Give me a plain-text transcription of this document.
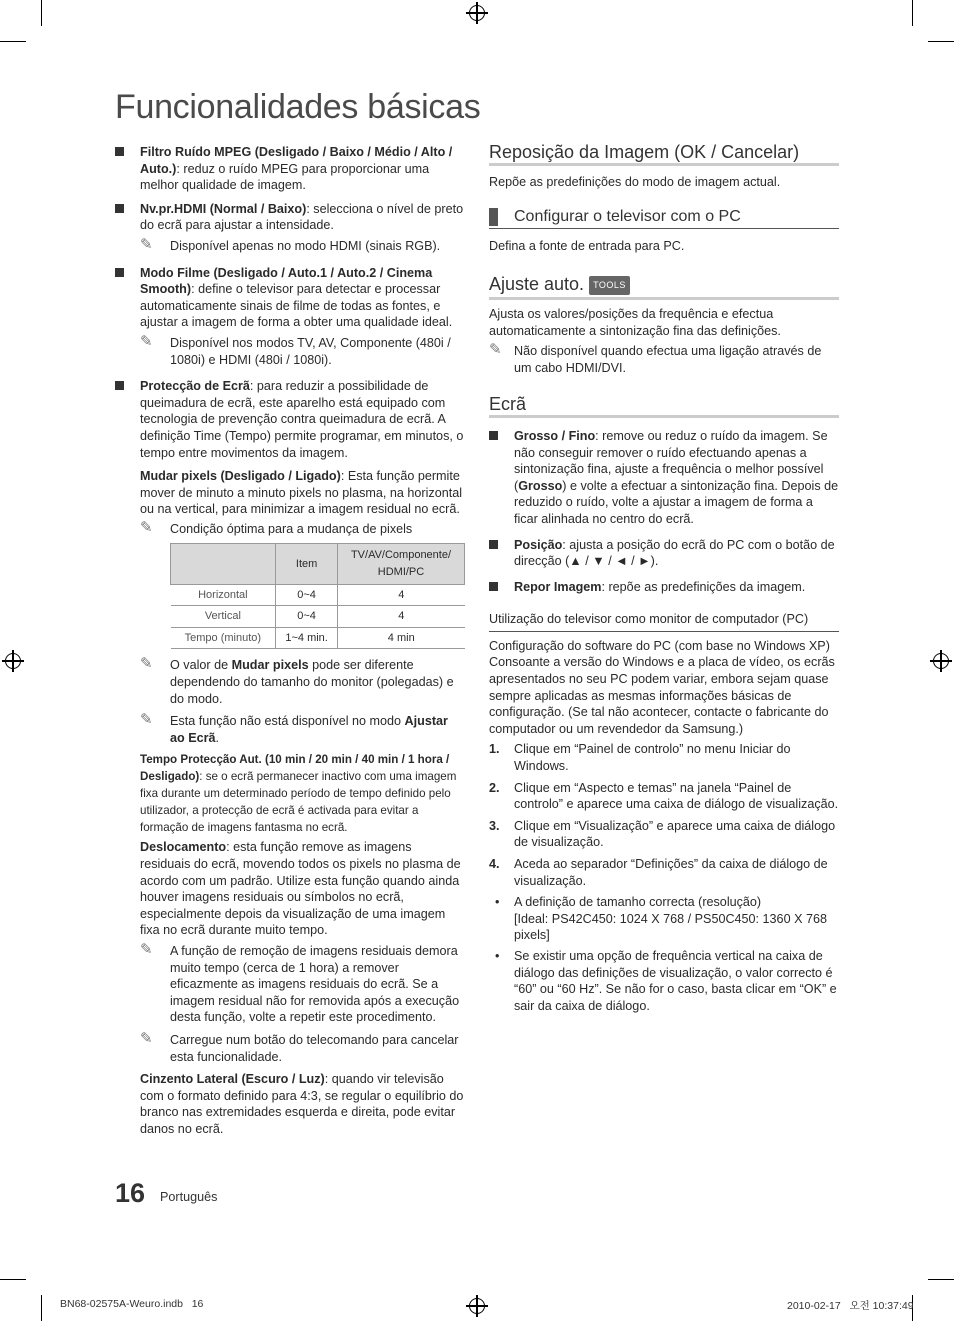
Funcionalidades básicas
Filtro Ruído MPEG (Desligado / Baixo / Médio / Alto / Auto.): reduz o ruído MPEG para proporcionar uma melhor qualidade de imagem.
Nv.pr.HDMI (Normal / Baixo): selecciona o nível de preto do ecrã para ajustar a intensidade.
✎ Disponível apenas no modo HDMI (sinais RGB).
Modo Filme (Desligado / Auto.1 / Auto.2 / Cinema Smooth): define o televisor para detectar e processar automaticamente sinais de filme de todas as fontes, e ajustar a imagem de forma a obter uma qualidade ideal.
✎ Disponível nos modos TV, AV, Componente (480i / 1080i) e HDMI (480i / 1080i).
Protecção de Ecrã: para reduzir a possibilidade de queimadura de ecrã, este aparelho está equipado com tecnologia de prevenção contra queimadura de ecrã. A definição Time (Tempo) permite programar, em minutos, o tempo entre movimentos da imagem.
Mudar pixels (Desligado / Ligado): Esta função permite mover de minuto a minuto pixels no plasma, na horizontal ou na vertical, para minimizar a imagem residual no ecrã.
✎ Condição óptima para a mudança de pixels
	Item	TV/AV/Componente/ HDMI/PC
Horizontal	0~4	4
Vertical	0~4	4
Tempo (minuto)	1~4 min.	4 min
✎ O valor de Mudar pixels pode ser diferente dependendo do tamanho do monitor (polegadas) e do modo.
✎ Esta função não está disponível no modo Ajustar ao Ecrã.
Tempo Protecção Aut. (10 min / 20 min / 40 min / 1 hora / Desligado): se o ecrã permanecer inactivo com uma imagem fixa durante um determinado período de tempo definido pelo utilizador, a protecção de ecrã é activada para evitar a formação de imagens fantasma no ecrã.
Deslocamento: esta função remove as imagens residuais do ecrã, movendo todos os pixels no plasma de acordo com um padrão. Utilize esta função quando ainda houver imagens residuais ou símbolos no ecrã, especialmente depois da visualização de uma imagem fixa no ecrã durante muito tempo.
✎ A função de remoção de imagens residuais demora muito tempo (cerca de 1 hora) a remover eficazmente as imagens residuais do ecrã. Se a imagem residual não for removida após a execução desta função, volte a repetir este procedimento.
✎ Carregue num botão do telecomando para cancelar esta funcionalidade.
Cinzento Lateral (Escuro / Luz): quando vir televisão com o formato definido para 4:3, se regular o equilíbrio do branco nas extremidades esquerda e direita, pode evitar danos no ecrã.
Reposição da Imagem (OK / Cancelar)
Repõe as predefinições do modo de imagem actual.
Configurar o televisor com o PC
Defina a fonte de entrada para PC.
Ajuste auto. TOOLS
Ajusta os valores/posições da frequência e efectua automaticamente a sintonização fina das definições.
✎ Não disponível quando efectua uma ligação através de um cabo HDMI/DVI.
Ecrã
Grosso / Fino: remove ou reduz o ruído da imagem. Se não conseguir remover o ruído efectuando apenas a sintonização fina, ajuste a frequência o melhor possível (Grosso) e volte a efectuar a sintonização fina. Depois de reduzido o ruído, volte a ajustar a imagem de forma a ficar alinhada no centro do ecrã.
Posição: ajusta a posição do ecrã do PC com o botão de direcção (▲ / ▼ / ◄ / ►).
Repor Imagem: repõe as predefinições da imagem.
Utilização do televisor como monitor de computador (PC)
Configuração do software do PC (com base no Windows XP) Consoante a versão do Windows e a placa de vídeo, os ecrãs apresentados no seu PC podem variar, embora sejam quase sempre aplicadas as mesmas informações básicas de configuração. (Se tal não acontecer, contacte o fabricante do computador ou um revendedor da Samsung.)
1. Clique em “Painel de controlo” no menu Iniciar do Windows.
2. Clique em “Aspecto e temas” na janela “Painel de controlo” e aparece uma caixa de diálogo de visualização.
3. Clique em “Visualização” e aparece uma caixa de diálogo de visualização.
4. Aceda ao separador “Definições” da caixa de diálogo de visualização.
• A definição de tamanho correcta (resolução)
[Ideal: PS42C450: 1024 X 768 / PS50C450: 1360 X 768 pixels]
• Se existir uma opção de frequência vertical na caixa de diálogo das definições de visualização, o valor correcto é “60” ou “60 Hz”. Se não for o caso, basta clicar em “OK” e sair da caixa de diálogo.
16 Português
BN68-02575A-Weuro.indb   16	2010-02-17   오전 10:37:49
